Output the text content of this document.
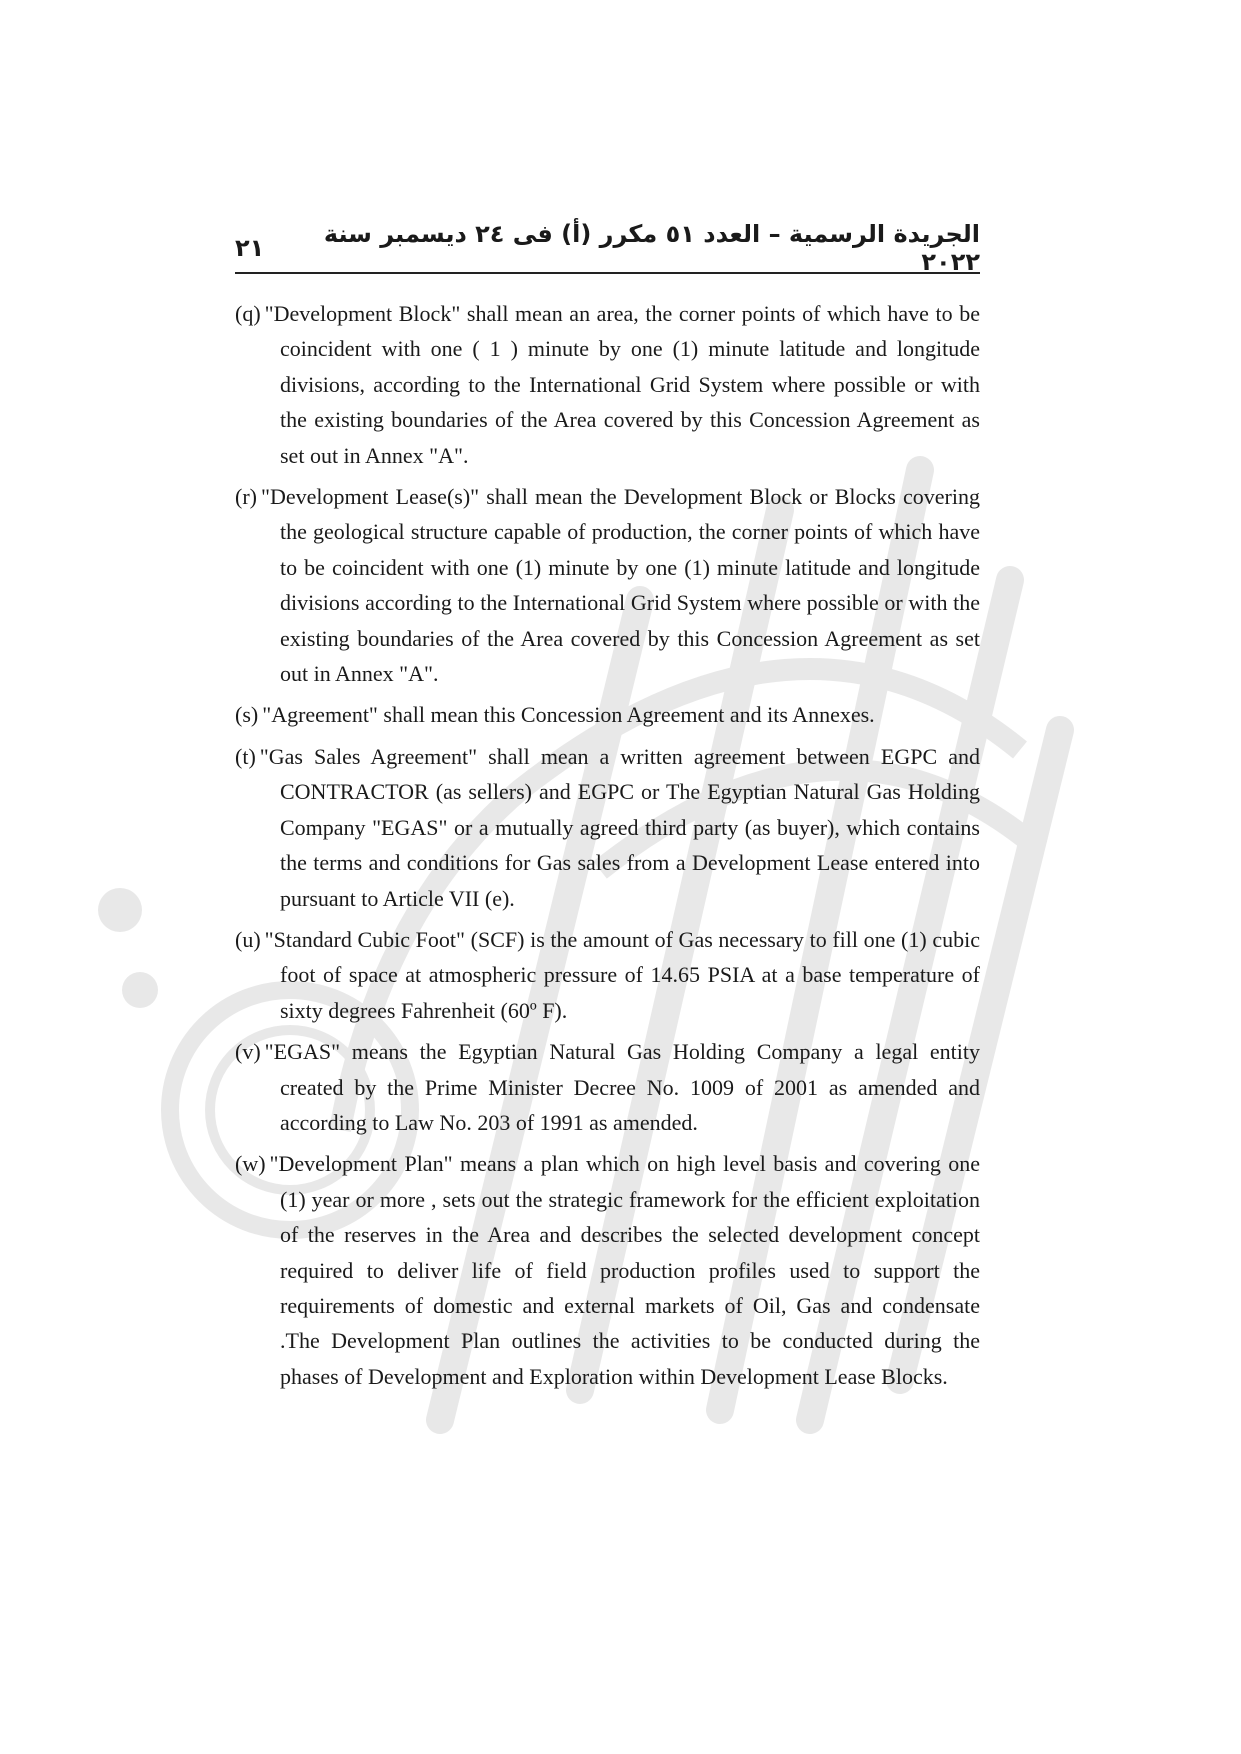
٢١	الجريدة الرسمية – العدد ٥١ مكرر (أ) فى ٢٤ ديسمبر سنة ٢٠٢٢

(q) "Development Block" shall mean an area, the corner points of which have to be coincident with one ( 1 ) minute by one (1) minute latitude and longitude divisions, according to the International Grid System where possible or with the existing boundaries of the Area covered by this Concession Agreement as set out in Annex "A".

(r) "Development Lease(s)" shall mean the Development Block or Blocks covering the geological structure capable of production, the corner points of which have to be coincident with one (1) minute by one (1) minute latitude and longitude divisions according to the International Grid System where possible or with the existing boundaries of the Area covered by this Concession Agreement as set out in Annex "A".

(s) "Agreement" shall mean this Concession Agreement and its Annexes.

(t) "Gas Sales Agreement" shall mean a written agreement between EGPC and CONTRACTOR (as sellers) and EGPC or The Egyptian Natural Gas Holding Company "EGAS" or a mutually agreed third party (as buyer), which contains the terms and conditions for Gas sales from a Development Lease entered into pursuant to Article VII (e).

(u) "Standard Cubic Foot" (SCF) is the amount of Gas necessary to fill one (1) cubic foot of space at atmospheric pressure of 14.65 PSIA at a base temperature of sixty degrees Fahrenheit (60º F).

(v) "EGAS" means the Egyptian Natural Gas Holding Company a legal entity created by the Prime Minister Decree No. 1009 of 2001 as amended and according to Law No. 203 of 1991 as amended.

(w) "Development Plan" means a plan which on high level basis and covering one (1) year or more , sets out the strategic framework for the efficient exploitation of the reserves in the Area and describes the selected development concept required to deliver life of field production profiles used to support the requirements of domestic and external markets of Oil, Gas and condensate .The Development Plan outlines the activities to be conducted during the phases of Development and Exploration within Development Lease Blocks.
